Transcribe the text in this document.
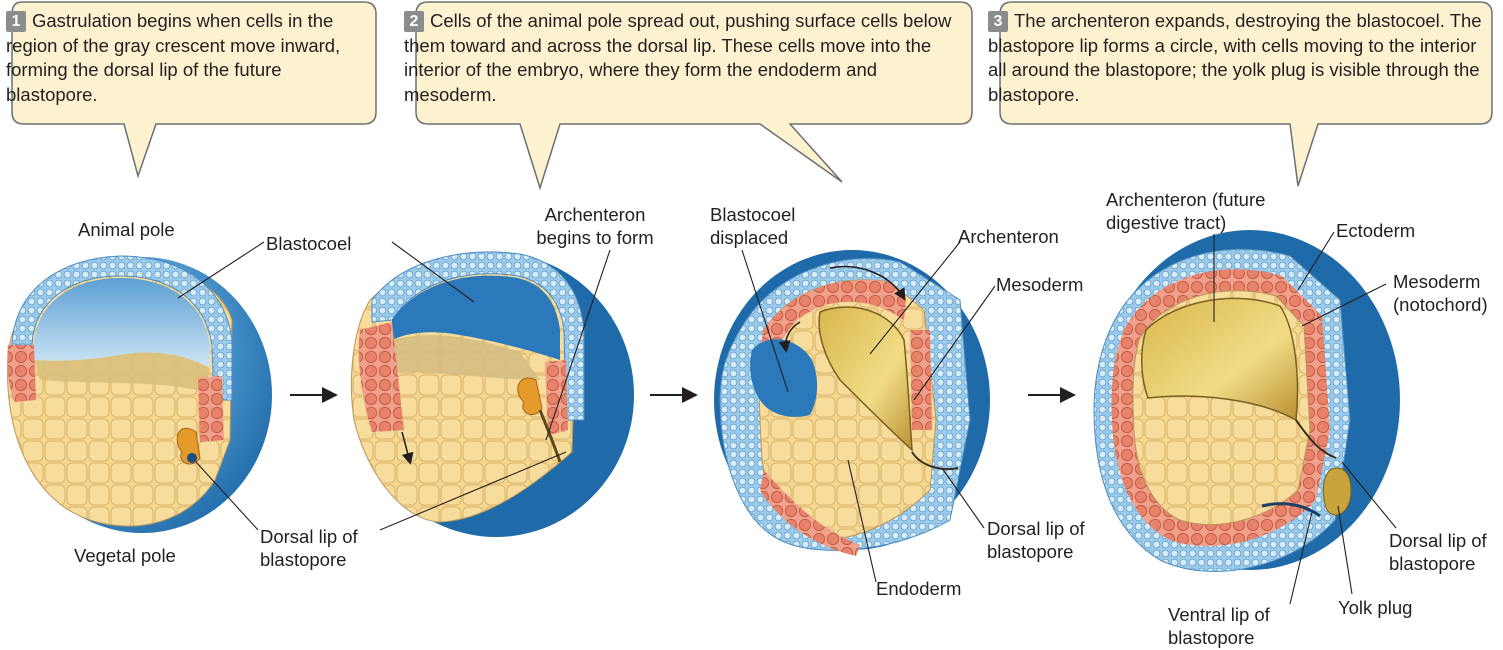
1 Gastrulation begins when cells in the region of the gray crescent move inward, forming the dorsal lip of the future blastopore.
2 Cells of the animal pole spread out, pushing surface cells below them toward and across the dorsal lip. These cells move into the interior of the embryo, where they form the endoderm and mesoderm.
3 The archenteron expands, destroying the blastocoel. The blastopore lip forms a circle, with cells moving to the interior all around the blastopore; the yolk plug is visible through the blastopore.
Animal pole
Blastocoel
Vegetal pole
Dorsal lip of blastopore
Archenteron begins to form
Blastocoel displaced	Archenteron
Mesoderm
Dorsal lip of blastopore
Endoderm
Archenteron (future digestive tract)	Ectoderm
Mesoderm (notochord)
Dorsal lip of blastopore
Ventral lip of blastopore
Yolk plug
